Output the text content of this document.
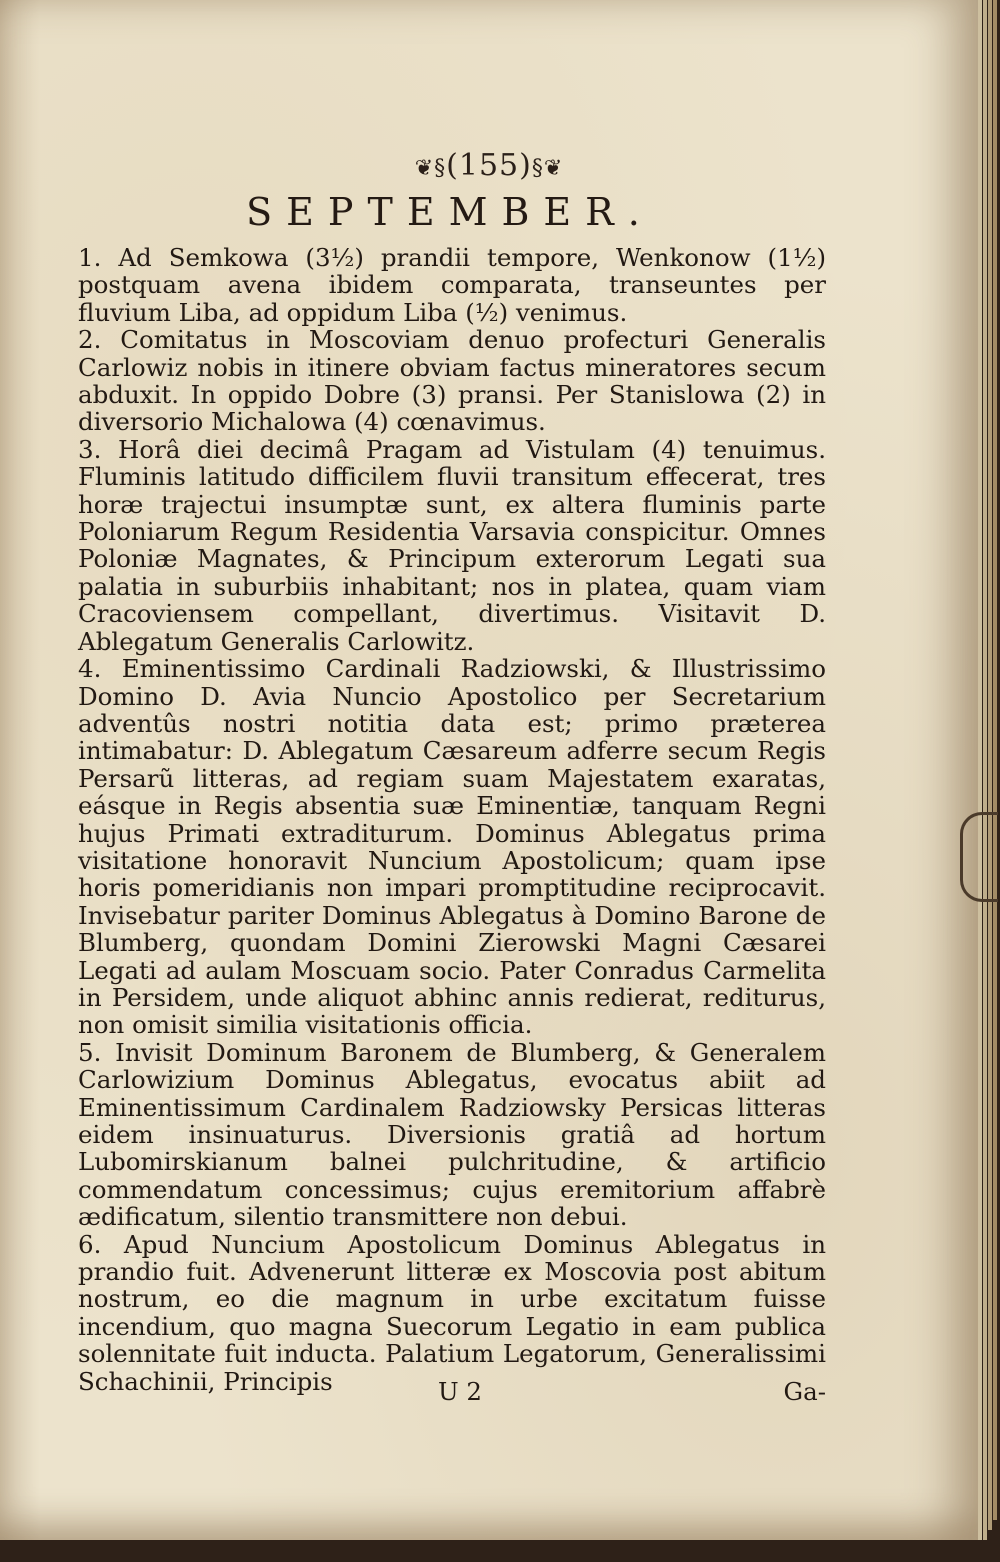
❦§(155)§❦
SEPTEMBER.

1. Ad Semkowa (3½) prandii tempore, Wenkonow (1½) postquam avena ibidem comparata, transeuntes per fluvium Liba, ad oppidum Liba (½) venimus.

2. Comitatus in Moscoviam denuo profecturi Generalis Carlowiz nobis in itinere obviam factus mineratores secum abduxit. In oppido Dobre (3) pransi. Per Stanislowa (2) in diversorio Michalowa (4) cœnavimus.

3. Horâ diei decimâ Pragam ad Vistulam (4) tenuimus. Fluminis latitudo difficilem fluvii transitum effecerat, tres horæ trajectui insumptæ sunt, ex altera fluminis parte Poloniarum Regum Residentia Varsavia conspicitur. Omnes Poloniæ Magnates, & Principum exterorum Legati sua palatia in suburbiis inhabitant; nos in platea, quam viam Cracoviensem compellant, divertimus. Visitavit D. Ablegatum Generalis Carlowitz.

4. Eminentissimo Cardinali Radziowski, & Illustrissimo Domino D. Avia Nuncio Apostolico per Secretarium adventûs nostri notitia data est; primo præterea intimabatur: D. Ablegatum Cæsareum adferre secum Regis Persarũ litteras, ad regiam suam Majestatem exaratas, eásque in Regis absentia suæ Eminentiæ, tanquam Regni hujus Primati extraditurum. Dominus Ablegatus prima visitatione honoravit Nuncium Apostolicum; quam ipse horis pomeridianis non impari promptitudine reciprocavit. Invisebatur pariter Dominus Ablegatus à Domino Barone de Blumberg, quondam Domini Zierowski Magni Cæsarei Legati ad aulam Moscuam socio. Pater Conradus Carmelita in Persidem, unde aliquot abhinc annis redierat, rediturus, non omisit similia visitationis officia.

5. Invisit Dominum Baronem de Blumberg, & Generalem Carlowizium Dominus Ablegatus, evocatus abiit ad Eminentissimum Cardinalem Radziowsky Persicas litteras eidem insinuaturus. Diversionis gratiâ ad hortum Lubomirskianum balnei pulchritudine, & artificio commendatum concessimus; cujus eremitorium affabrè ædificatum, silentio transmittere non debui.

6. Apud Nuncium Apostolicum Dominus Ablegatus in prandio fuit. Advenerunt litteræ ex Moscovia post abitum nostrum, eo die magnum in urbe excitatum fuisse incendium, quo magna Suecorum Legatio in eam publica solennitate fuit inducta. Palatium Legatorum, Generalissimi Schachinii, Principis	U 2	Ga-
